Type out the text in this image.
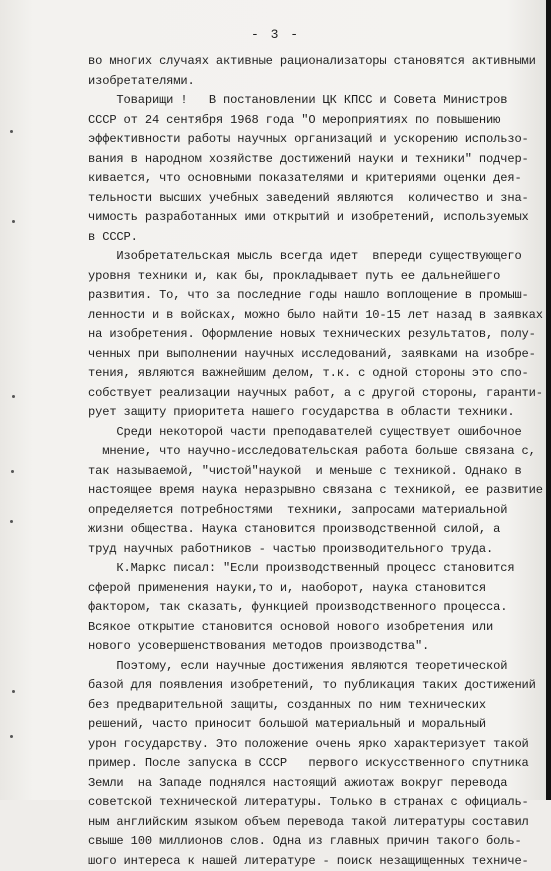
- 3 -
во многих случаях активные рационализаторы становятся активными
изобретателями.
Товарищи !   В постановлении ЦК КПСС и Совета Министров
СССР от 24 сентября 1968 года "О мероприятиях по повышению
эффективности работы научных организаций и ускорению использо-
вания в народном хозяйстве достижений науки и техники" подчер-
кивается, что основными показателями и критериями оценки дея-
тельности высших учебных заведений являются  количество и зна-
чимость разработанных ими открытий и изобретений, используемых
в СССР.
Изобретательская мысль всегда идет  впереди существующего
уровня техники и, как бы, прокладывает путь ее дальнейшего
развития. То, что за последние годы нашло воплощение в промыш-
ленности и в войсках, можно было найти 10-15 лет назад в заявках
на изобретения. Оформление новых технических результатов, полу-
ченных при выполнении научных исследований, заявками на изобре-
тения, являются важнейшим делом, т.к. с одной стороны это спо-
собствует реализации научных работ, а с другой стороны, гаранти-
рует защиту приоритета нашего государства в области техники.
Среди некоторой части преподавателей существует ошибочное
мнение, что научно-исследовательская работа больше связана с,
так называемой, "чистой"наукой  и меньше с техникой. Однако в
настоящее время наука неразрывно связана с техникой, ее развитие
определяется потребностями  техники, запросами материальной
жизни общества. Наука становится производственной силой, а
труд научных работников - частью производительного труда.
К.Маркс писал: "Если производственный процесс становится
сферой применения науки,то и, наоборот, наука становится
фактором, так сказать, функцией производственного процесса.
Всякое открытие становится основой нового изобретения или
нового усовершенствования методов производства".
Поэтому, если научные достижения являются теоретической
базой для появления изобретений, то публикация таких достижений
без предварительной защиты, созданных по ним технических
решений, часто приносит большой материальный и моральный
урон государству. Это положение очень ярко характеризует такой
пример. После запуска в СССР   первого искусственного спутника
Земли  на Западе поднялся настоящий ажиотаж вокруг перевода
советской технической литературы. Только в странах с официаль-
ным английским языком объем перевода такой литературы составил
свыше 100 миллионов слов. Одна из главных причин такого боль-
шого интереса к нашей литературе - поиск незащищенных техниче-
